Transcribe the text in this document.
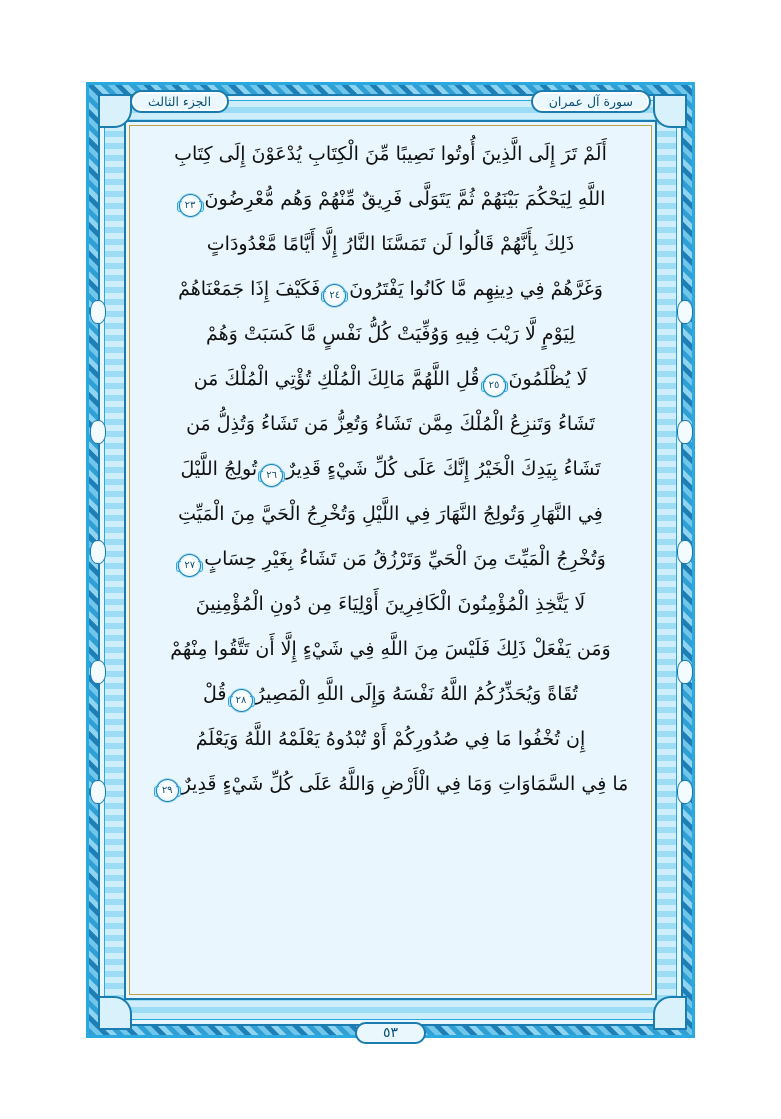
الجزء الثالث	سورة آل عمران
أَلَمْ تَرَ إِلَى الَّذِينَ أُوتُوا نَصِيبًا مِّنَ الْكِتَابِ يُدْعَوْنَ إِلَى كِتَابِ
اللَّهِ لِيَحْكُمَ بَيْنَهُمْ ثُمَّ يَتَوَلَّى فَرِيقٌ مِّنْهُمْ وَهُم مُّعْرِضُونَ٢٣
ذَلِكَ بِأَنَّهُمْ قَالُوا لَن تَمَسَّنَا النَّارُ إِلَّا أَيَّامًا مَّعْدُودَاتٍ
وَغَرَّهُمْ فِي دِينِهِم مَّا كَانُوا يَفْتَرُونَ٢٤فَكَيْفَ إِذَا جَمَعْنَاهُمْ
لِيَوْمٍ لَّا رَيْبَ فِيهِ وَوُفِّيَتْ كُلُّ نَفْسٍ مَّا كَسَبَتْ وَهُمْ
لَا يُظْلَمُونَ٢٥قُلِ اللَّهُمَّ مَالِكَ الْمُلْكِ تُؤْتِي الْمُلْكَ مَن
تَشَاءُ وَتَنزِعُ الْمُلْكَ مِمَّن تَشَاءُ وَتُعِزُّ مَن تَشَاءُ وَتُذِلُّ مَن
تَشَاءُ بِيَدِكَ الْخَيْرُ إِنَّكَ عَلَى كُلِّ شَيْءٍ قَدِيرٌ٢٦تُولِجُ اللَّيْلَ
فِي النَّهَارِ وَتُولِجُ النَّهَارَ فِي اللَّيْلِ وَتُخْرِجُ الْحَيَّ مِنَ الْمَيِّتِ
وَتُخْرِجُ الْمَيِّتَ مِنَ الْحَيِّ وَتَرْزُقُ مَن تَشَاءُ بِغَيْرِ حِسَابٍ٢٧
لَا يَتَّخِذِ الْمُؤْمِنُونَ الْكَافِرِينَ أَوْلِيَاءَ مِن دُونِ الْمُؤْمِنِينَ
وَمَن يَفْعَلْ ذَلِكَ فَلَيْسَ مِنَ اللَّهِ فِي شَيْءٍ إِلَّا أَن تَتَّقُوا مِنْهُمْ
تُقَاةً وَيُحَذِّرُكُمُ اللَّهُ نَفْسَهُ وَإِلَى اللَّهِ الْمَصِيرُ٢٨قُلْ
إِن تُخْفُوا مَا فِي صُدُورِكُمْ أَوْ تُبْدُوهُ يَعْلَمْهُ اللَّهُ وَيَعْلَمُ
مَا فِي السَّمَاوَاتِ وَمَا فِي الْأَرْضِ وَاللَّهُ عَلَى كُلِّ شَيْءٍ قَدِيرٌ٢٩
٥٣
